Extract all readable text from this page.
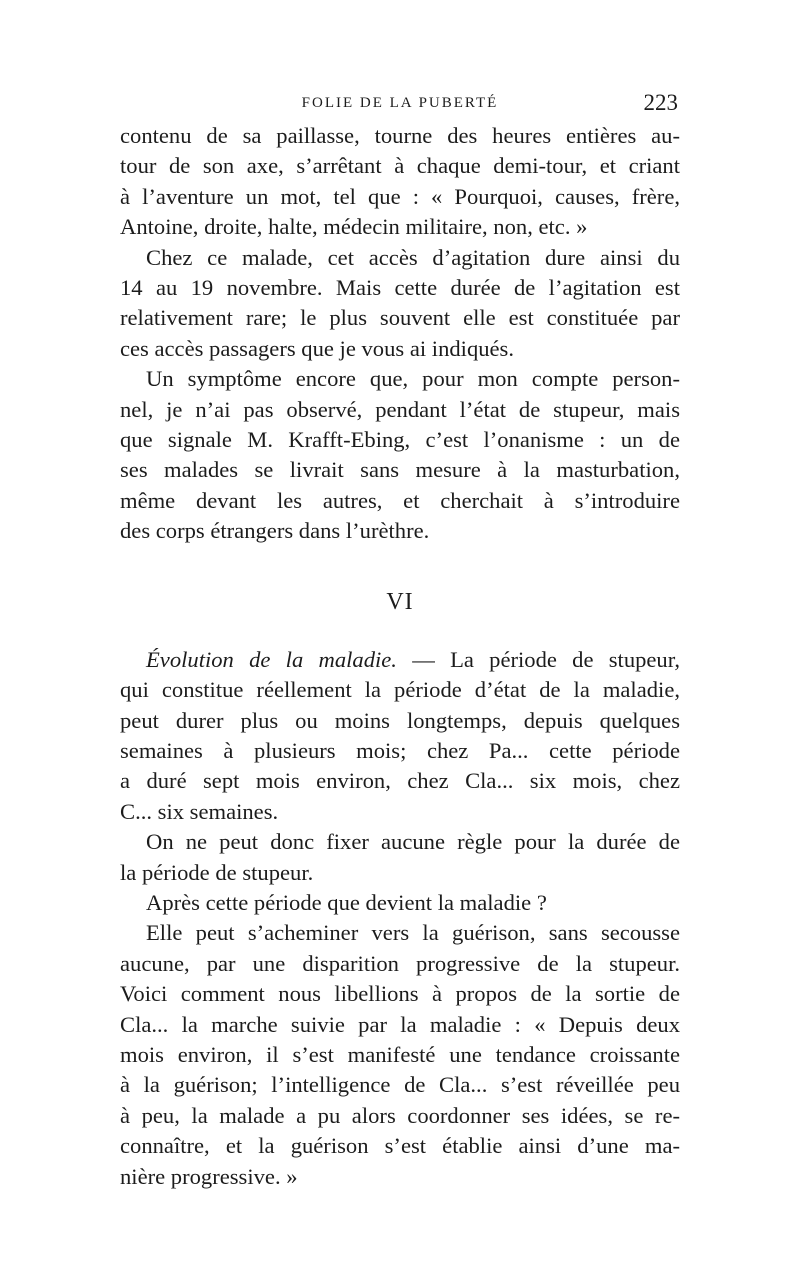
FOLIE DE LA PUBERTÉ	223

contenu de sa paillasse, tourne des heures entières au-
tour de son axe, s’arrêtant à chaque demi-tour, et criant
à l’aventure un mot, tel que : « Pourquoi, causes, frère,
Antoine, droite, halte, médecin militaire, non, etc. »

Chez ce malade, cet accès d’agitation dure ainsi du
14 au 19 novembre. Mais cette durée de l’agitation est
relativement rare; le plus souvent elle est constituée par
ces accès passagers que je vous ai indiqués.

Un symptôme encore que, pour mon compte person-
nel, je n’ai pas observé, pendant l’état de stupeur, mais
que signale M. Krafft-Ebing, c’est l’onanisme : un de
ses malades se livrait sans mesure à la masturbation,
même devant les autres, et cherchait à s’introduire
des corps étrangers dans l’urèthre.

VI

Évolution de la maladie. — La période de stupeur,
qui constitue réellement la période d’état de la maladie,
peut durer plus ou moins longtemps, depuis quelques
semaines à plusieurs mois; chez Pa... cette période
a duré sept mois environ, chez Cla... six mois, chez
C... six semaines.

On ne peut donc fixer aucune règle pour la durée de
la période de stupeur.

Après cette période que devient la maladie ?

Elle peut s’acheminer vers la guérison, sans secousse
aucune, par une disparition progressive de la stupeur.
Voici comment nous libellions à propos de la sortie de
Cla... la marche suivie par la maladie : « Depuis deux
mois environ, il s’est manifesté une tendance croissante
à la guérison; l’intelligence de Cla... s’est réveillée peu
à peu, la malade a pu alors coordonner ses idées, se re-
connaître, et la guérison s’est établie ainsi d’une ma-
nière progressive. »
